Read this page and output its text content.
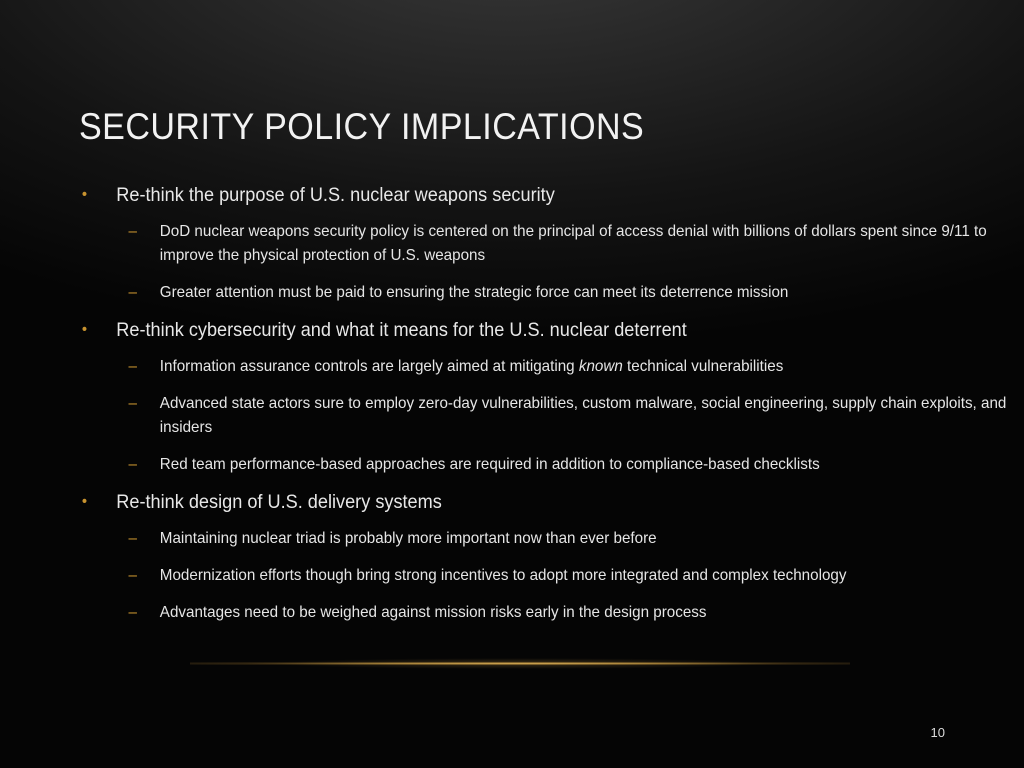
SECURITY POLICY IMPLICATIONS
• Re-think the purpose of U.S. nuclear weapons security
– DoD nuclear weapons security policy is centered on the principal of access denial with billions of dollars spent since 9/11 to improve the physical protection of U.S. weapons
– Greater attention must be paid to ensuring the strategic force can meet its deterrence mission
• Re-think cybersecurity and what it means for the U.S. nuclear deterrent
– Information assurance controls are largely aimed at mitigating known technical vulnerabilities
– Advanced state actors sure to employ zero-day vulnerabilities, custom malware, social engineering, supply chain exploits, and insiders
– Red team performance-based approaches are required in addition to compliance-based checklists
• Re-think design of U.S. delivery systems
– Maintaining nuclear triad is probably more important now than ever before
– Modernization efforts though bring strong incentives to adopt more integrated and complex technology
– Advantages need to be weighed against mission risks early in the design process
10
